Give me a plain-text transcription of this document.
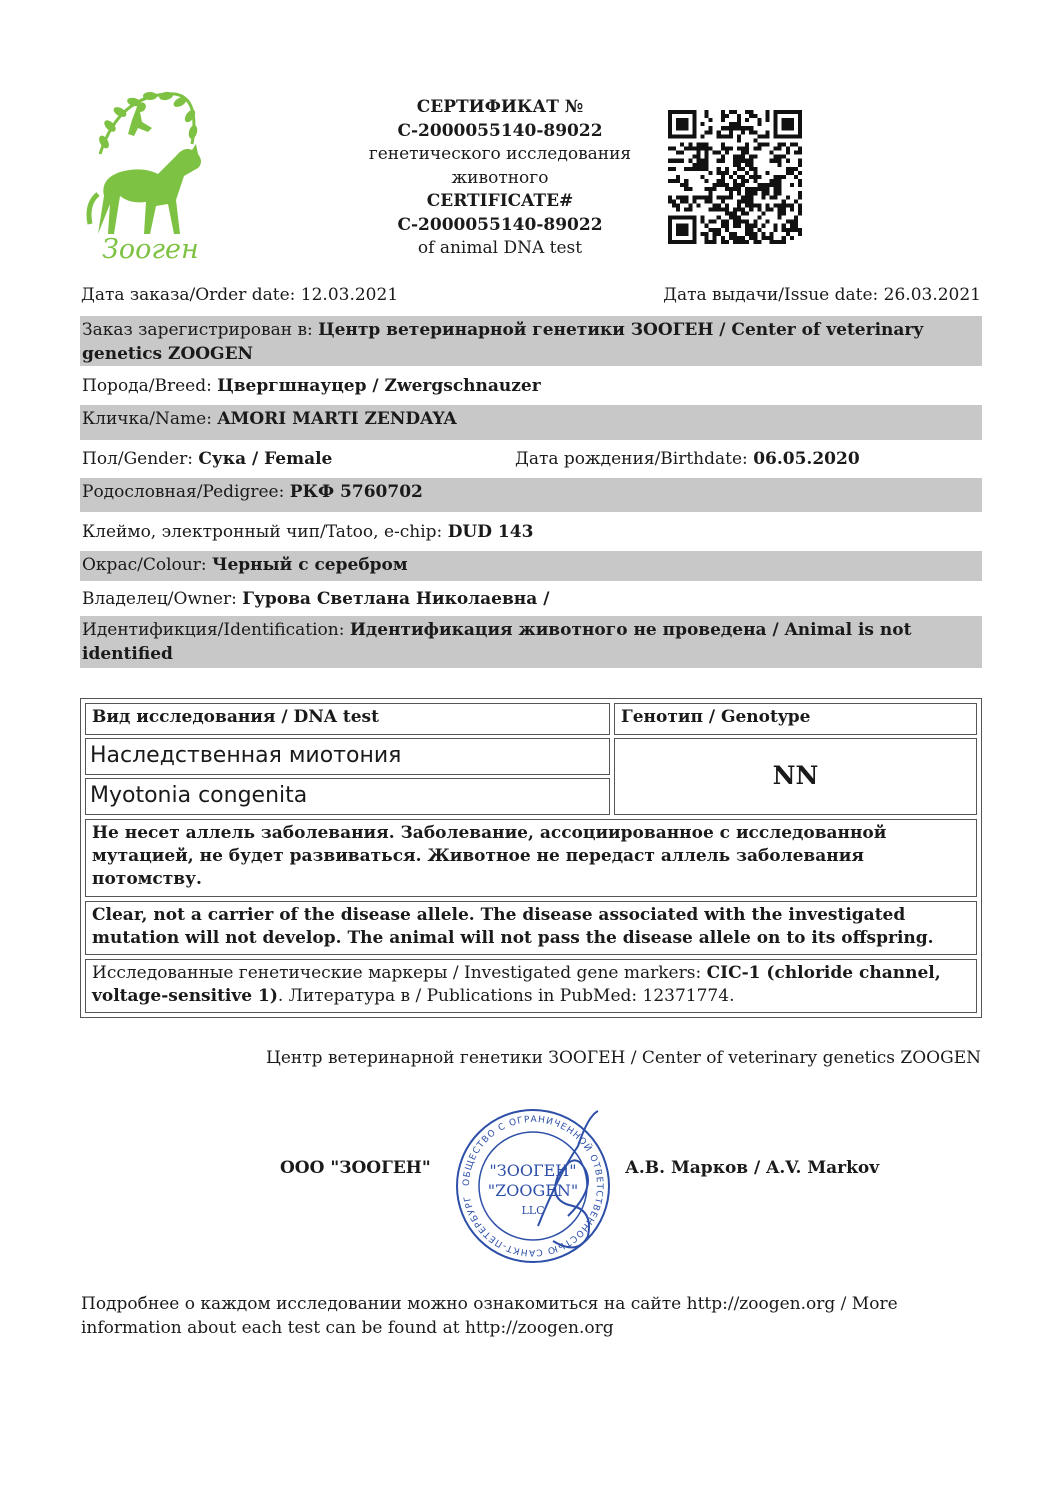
Зооген
СЕРТИФИКАТ №
C-2000055140-89022
генетического исследования
животного
CERTIFICATE#
C-2000055140-89022
of animal DNA test
Дата заказа/Order date: 12.03.2021	Дата выдачи/Issue date: 26.03.2021
Заказ зарегистрирован в: Центр ветеринарной генетики ЗООГЕН / Center of veterinary genetics ZOOGEN
Порода/Breed: Цвергшнауцер / Zwergschnauzer
Кличка/Name: AMORI MARTI ZENDAYA
Пол/Gender: Сука / Female	Дата рождения/Birthdate: 06.05.2020
Родословная/Pedigree: РКФ 5760702
Клеймо, электронный чип/Tatoo, e-chip: DUD 143
Окрас/Colour: Черный с серебром
Владелец/Owner: Гурова Светлана Николаевна /
Идентификция/Identification: Идентификация животного не проведена / Animal is not identified
Вид исследования / DNA test	Генотип / Genotype
Наследственная миотония
Myotonia congenita
NN
Не несет аллель заболевания. Заболевание, ассоциированное с исследованной мутацией, не будет развиваться. Животное не передаст аллель заболевания потомству.
Clear, not a carrier of the disease allele. The disease associated with the investigated mutation will not develop. The animal will not pass the disease allele on to its offspring.
Исследованные генетические маркеры / Investigated gene markers: CIC-1 (chloride channel, voltage-sensitive 1). Литература в / Publications in PubMed: 12371774.
Центр ветеринарной генетики ЗООГЕН / Center of veterinary genetics ZOOGEN
ООО "ЗООГЕН"
ОБЩЕСТВО С ОГРАНИЧЕННОЙ ОТВЕТСТВЕННОСТЬЮ САНКТ-ПЕТЕРБУРГ
"ЗООГЕН"
"ZOOGEN"
LLC
А.В. Марков / A.V. Markov
Подробнее о каждом исследовании можно ознакомиться на сайте http://zoogen.org / More information about each test can be found at http://zoogen.org
